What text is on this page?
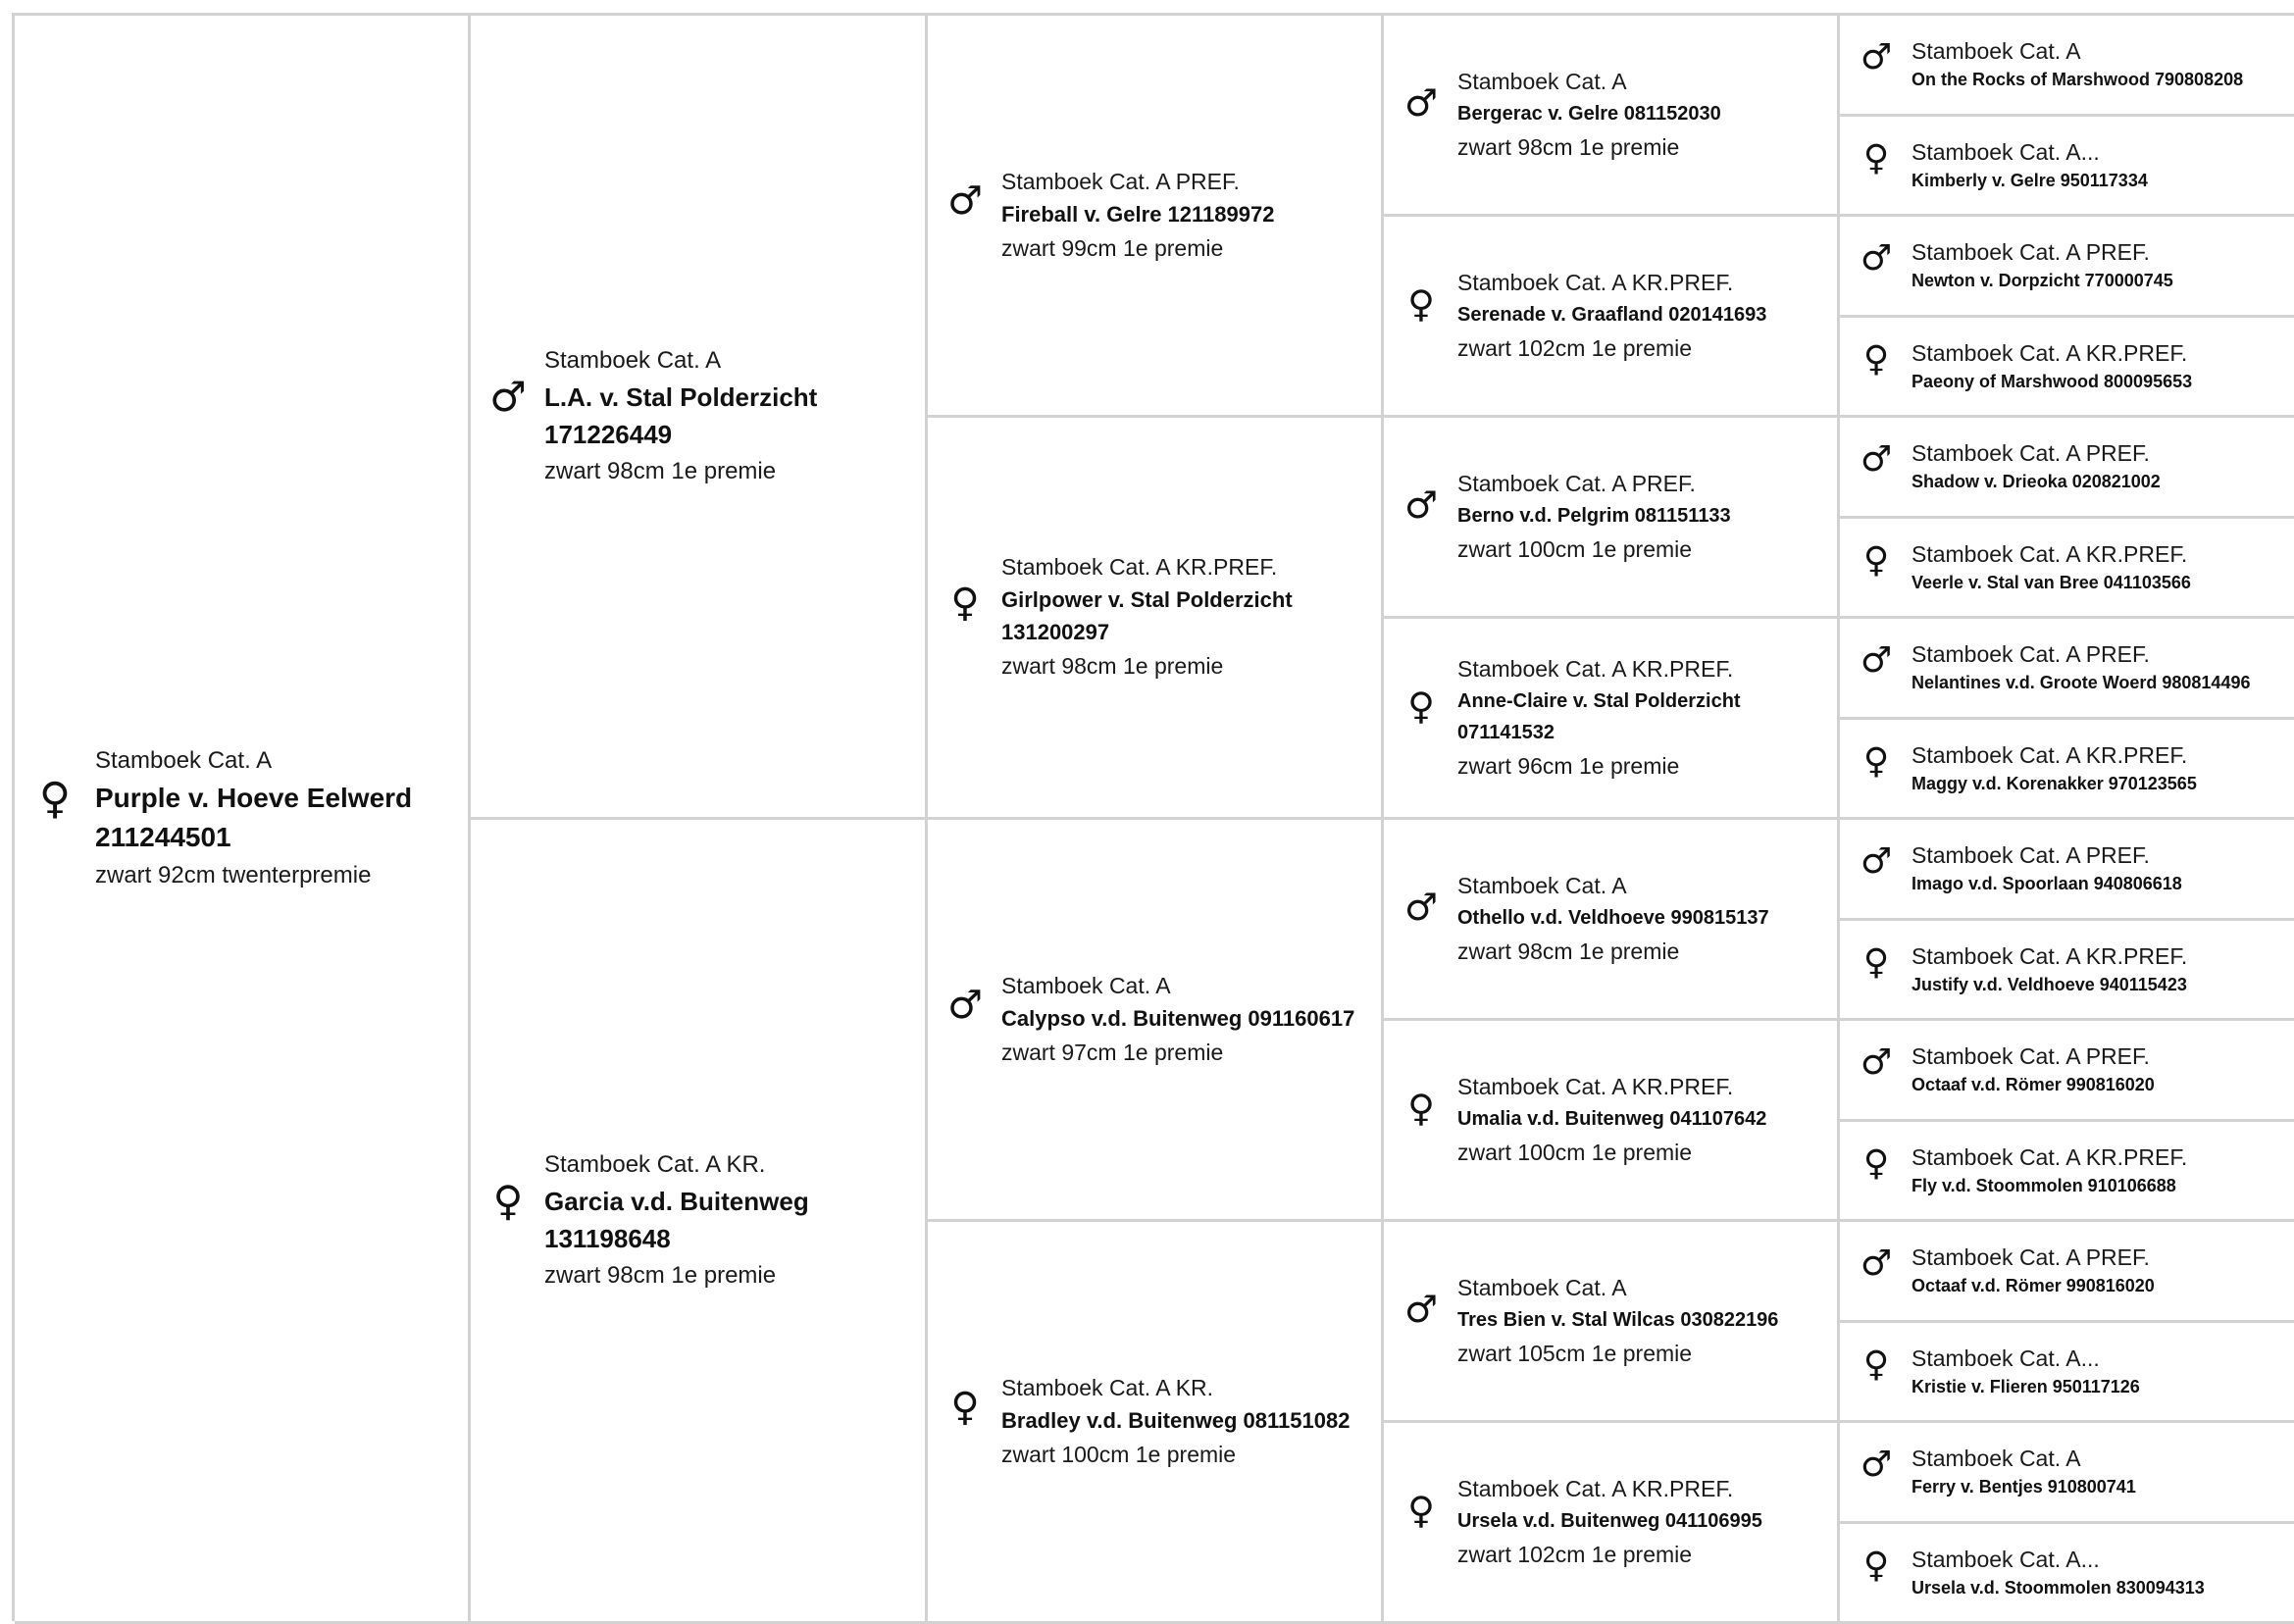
♀
Stamboek Cat. A
Purple v. Hoeve Eelwerd 211244501
zwart 92cm twenterpremie
♂
Stamboek Cat. A
L.A. v. Stal Polderzicht 171226449
zwart 98cm 1e premie
♀
Stamboek Cat. A KR.
Garcia v.d. Buitenweg 131198648
zwart 98cm 1e premie
♂ Stamboek Cat. A PREF.
Fireball v. Gelre 121189972
zwart 99cm 1e premie
♀
Stamboek Cat. A KR.PREF.
Girlpower v. Stal Polderzicht 131200297
zwart 98cm 1e premie
♂ Stamboek Cat. A
Calypso v.d. Buitenweg 091160617
zwart 97cm 1e premie
♀ Stamboek Cat. A KR.
Bradley v.d. Buitenweg 081151082
zwart 100cm 1e premie
♂ Stamboek Cat. A
Bergerac v. Gelre 081152030
zwart 98cm 1e premie
♀ Stamboek Cat. A KR.PREF.
Serenade v. Graafland 020141693
zwart 102cm 1e premie
♂ Stamboek Cat. A PREF.
Berno v.d. Pelgrim 081151133
zwart 100cm 1e premie
♀
Stamboek Cat. A KR.PREF.
Anne-Claire v. Stal Polderzicht 071141532
zwart 96cm 1e premie
♂ Stamboek Cat. A
Othello v.d. Veldhoeve 990815137
zwart 98cm 1e premie
♀ Stamboek Cat. A KR.PREF.
Umalia v.d. Buitenweg 041107642
zwart 100cm 1e premie
♂ Stamboek Cat. A
Tres Bien v. Stal Wilcas 030822196
zwart 105cm 1e premie
♀ Stamboek Cat. A KR.PREF.
Ursela v.d. Buitenweg 041106995
zwart 102cm 1e premie
♂ Stamboek Cat. A
On the Rocks of Marshwood 790808208
♀ Stamboek Cat. A...
Kimberly v. Gelre 950117334
♂ Stamboek Cat. A PREF.
Newton v. Dorpzicht 770000745
♀ Stamboek Cat. A KR.PREF.
Paeony of Marshwood 800095653
♂ Stamboek Cat. A PREF.
Shadow v. Drieoka 020821002
♀ Stamboek Cat. A KR.PREF.
Veerle v. Stal van Bree 041103566
♂ Stamboek Cat. A PREF.
Nelantines v.d. Groote Woerd 980814496
♀ Stamboek Cat. A KR.PREF.
Maggy v.d. Korenakker 970123565
♂ Stamboek Cat. A PREF.
Imago v.d. Spoorlaan 940806618
♀ Stamboek Cat. A KR.PREF.
Justify v.d. Veldhoeve 940115423
♂ Stamboek Cat. A PREF.
Octaaf v.d. Römer 990816020
♀ Stamboek Cat. A KR.PREF.
Fly v.d. Stoommolen 910106688
♂ Stamboek Cat. A PREF.
Octaaf v.d. Römer 990816020
♀ Stamboek Cat. A...
Kristie v. Flieren 950117126
♂ Stamboek Cat. A
Ferry v. Bentjes 910800741
♀ Stamboek Cat. A...
Ursela v.d. Stoommolen 830094313
